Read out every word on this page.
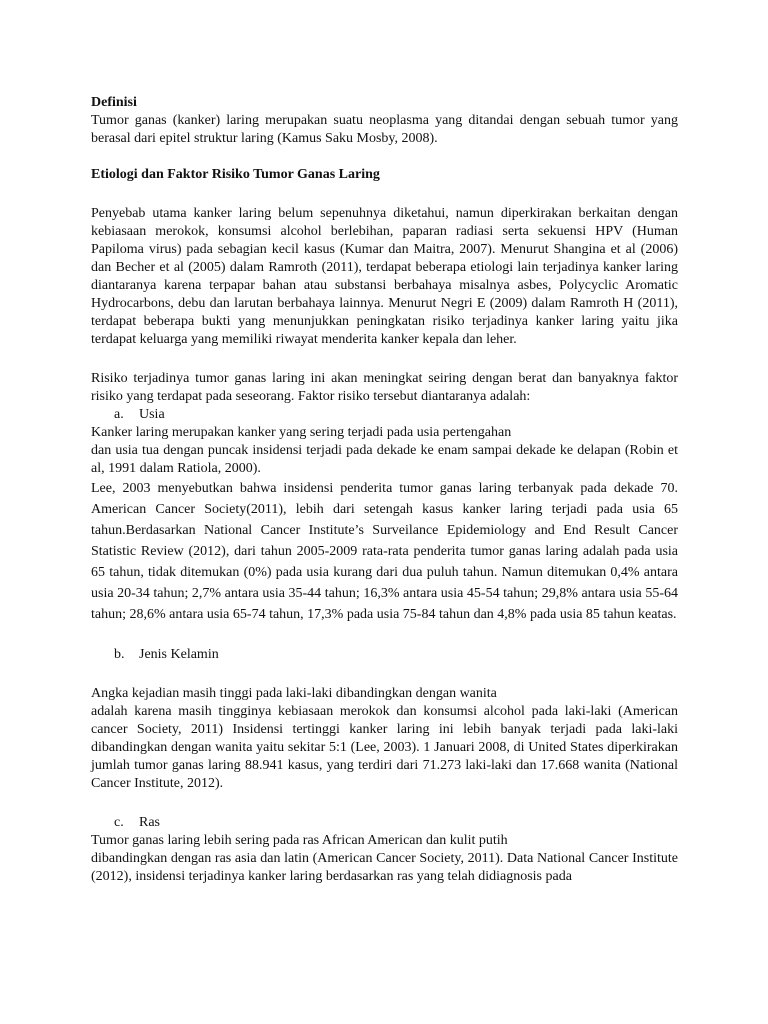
Definisi

Tumor ganas (kanker) laring merupakan suatu neoplasma yang ditandai dengan sebuah tumor yang berasal dari epitel struktur laring (Kamus Saku Mosby, 2008).

Etiologi dan Faktor Risiko Tumor Ganas Laring

Penyebab utama kanker laring belum sepenuhnya diketahui, namun diperkirakan berkaitan dengan kebiasaan merokok, konsumsi alcohol berlebihan, paparan radiasi serta sekuensi HPV (Human Papiloma virus) pada sebagian kecil kasus (Kumar dan Maitra, 2007). Menurut Shangina et al (2006) dan Becher et al (2005) dalam Ramroth (2011), terdapat beberapa etiologi lain terjadinya kanker laring diantaranya karena terpapar bahan atau substansi berbahaya misalnya asbes, Polycyclic Aromatic Hydrocarbons, debu dan larutan berbahaya lainnya. Menurut Negri E (2009) dalam Ramroth H (2011), terdapat beberapa bukti yang menunjukkan peningkatan risiko terjadinya kanker laring yaitu jika terdapat keluarga yang memiliki riwayat menderita kanker kepala dan leher.

Risiko terjadinya tumor ganas laring ini akan meningkat seiring dengan berat dan banyaknya faktor risiko yang terdapat pada seseorang. Faktor risiko tersebut diantaranya adalah:

a.	Usia

Kanker laring merupakan kanker yang sering terjadi pada usia pertengahan

dan usia tua dengan puncak insidensi terjadi pada dekade ke enam sampai dekade ke delapan (Robin et al, 1991 dalam Ratiola, 2000).

Lee, 2003 menyebutkan bahwa insidensi penderita tumor ganas laring terbanyak pada dekade 70. American Cancer Society(2011), lebih dari setengah kasus kanker laring terjadi pada usia 65 tahun.Berdasarkan National Cancer Institute’s Surveilance Epidemiology and End Result Cancer Statistic Review (2012), dari tahun 2005-2009 rata-rata penderita tumor ganas laring adalah pada usia 65 tahun, tidak ditemukan (0%) pada usia kurang dari dua puluh tahun. Namun ditemukan 0,4% antara usia 20-34 tahun; 2,7% antara usia 35-44 tahun; 16,3% antara usia 45-54 tahun; 29,8% antara usia 55-64 tahun; 28,6% antara usia 65-74 tahun, 17,3% pada usia 75-84 tahun dan 4,8% pada usia 85 tahun keatas.

b.	Jenis Kelamin

Angka kejadian masih tinggi pada laki-laki dibandingkan dengan wanita

adalah karena masih tingginya kebiasaan merokok dan konsumsi alcohol pada laki-laki (American cancer Society, 2011) Insidensi tertinggi kanker laring ini lebih banyak terjadi pada laki-laki dibandingkan dengan wanita yaitu sekitar 5:1 (Lee, 2003). 1 Januari 2008, di United States diperkirakan jumlah tumor ganas laring 88.941 kasus, yang terdiri dari 71.273 laki-laki dan 17.668 wanita (National Cancer Institute, 2012).

c.	Ras

Tumor ganas laring lebih sering pada ras African American dan kulit putih

dibandingkan dengan ras asia dan latin (American Cancer Society, 2011). Data National Cancer Institute (2012), insidensi terjadinya kanker laring berdasarkan ras yang telah didiagnosis pada
